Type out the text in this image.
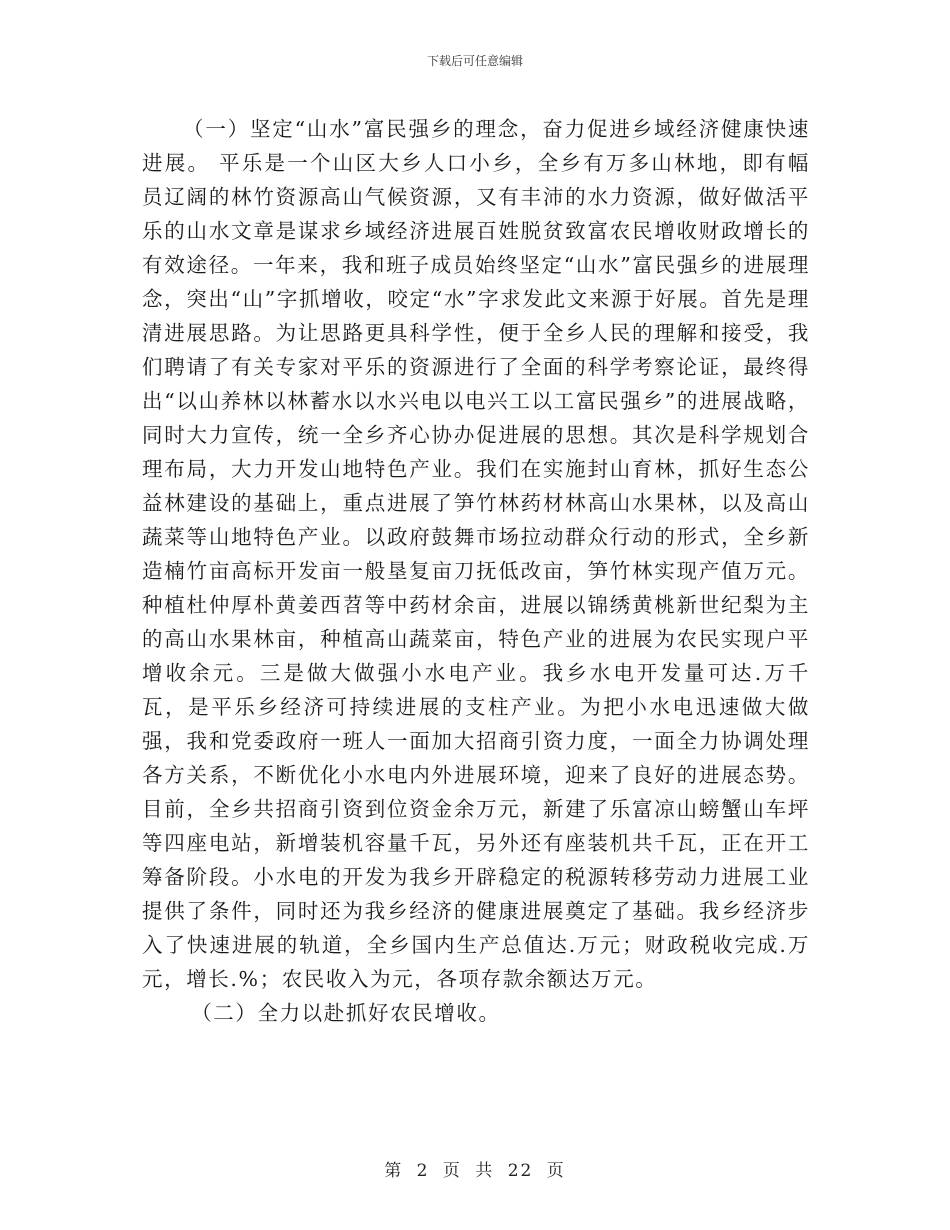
下载后可任意编辑

（一）坚定“山水”富民强乡的理念，奋力促进乡域经济健康快速进展。 平乐是一个山区大乡人口小乡，全乡有万多山林地，即有幅员辽阔的林竹资源高山气候资源，又有丰沛的水力资源，做好做活平乐的山水文章是谋求乡域经济进展百姓脱贫致富农民增收财政增长的有效途径。一年来，我和班子成员始终坚定“山水”富民强乡的进展理念，突出“山”字抓增收，咬定“水”字求发此文来源于好展。首先是理清进展思路。为让思路更具科学性，便于全乡人民的理解和接受，我们聘请了有关专家对平乐的资源进行了全面的科学考察论证，最终得出“以山养林以林蓄水以水兴电以电兴工以工富民强乡”的进展战略，同时大力宣传，统一全乡齐心协办促进展的思想。其次是科学规划合理布局，大力开发山地特色产业。我们在实施封山育林，抓好生态公益林建设的基础上，重点进展了笋竹林药材林高山水果林，以及高山蔬菜等山地特色产业。以政府鼓舞市场拉动群众行动的形式，全乡新造楠竹亩高标开发亩一般垦复亩刀抚低改亩，笋竹林实现产值万元。种植杜仲厚朴黄姜西苕等中药材余亩，进展以锦绣黄桃新世纪梨为主的高山水果林亩，种植高山蔬菜亩，特色产业的进展为农民实现户平增收余元。三是做大做强小水电产业。我乡水电开发量可达.万千瓦，是平乐乡经济可持续进展的支柱产业。为把小水电迅速做大做强，我和党委政府一班人一面加大招商引资力度，一面全力协调处理各方关系，不断优化小水电内外进展环境，迎来了良好的进展态势。目前，全乡共招商引资到位资金余万元，新建了乐富凉山螃蟹山车坪等四座电站，新增装机容量千瓦，另外还有座装机共千瓦，正在开工筹备阶段。小水电的开发为我乡开辟稳定的税源转移劳动力进展工业提供了条件，同时还为我乡经济的健康进展奠定了基础。我乡经济步入了快速进展的轨道，全乡国内生产总值达.万元；财政税收完成.万元，增长.%；农民收入为元，各项存款余额达万元。

（二）全力以赴抓好农民增收。

第 2 页 共 22 页
